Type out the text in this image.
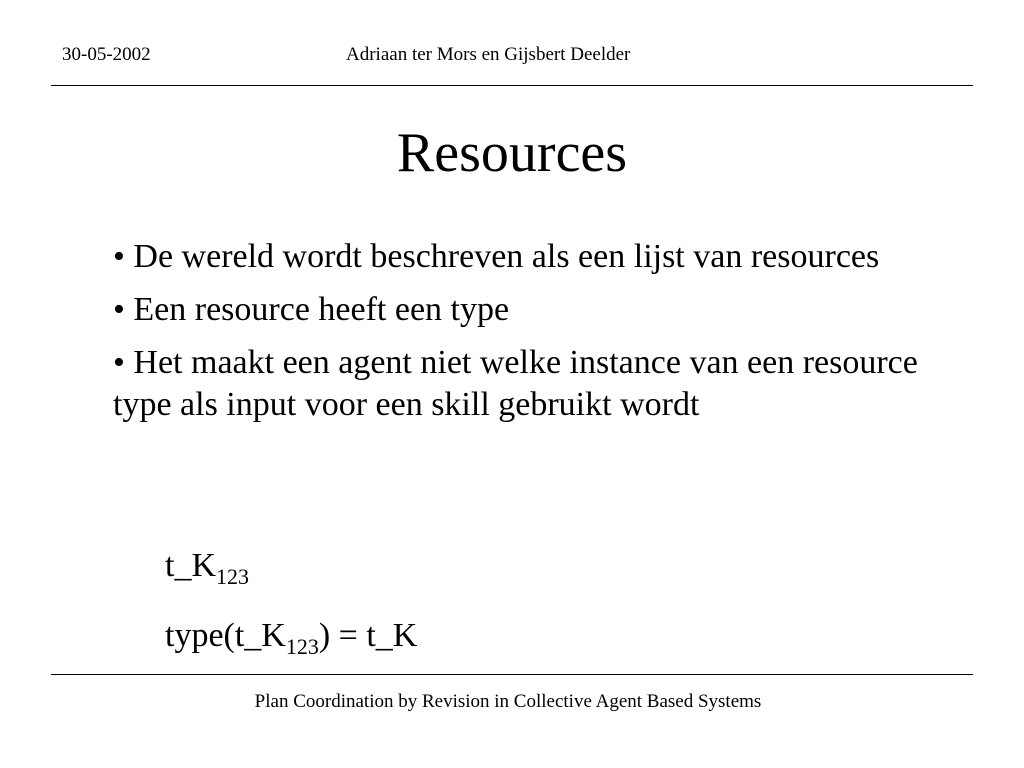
30-05-2002	Adriaan ter Mors en Gijsbert Deelder
Resources
• De wereld wordt beschreven als een lijst van resources
• Een resource heeft een type
• Het maakt een agent niet welke instance van een resource type als input voor een skill gebruikt wordt
$t\_K_{123}$
$type(t\_K_{123})$ = t_K
Plan Coordination by Revision in Collective Agent Based Systems
